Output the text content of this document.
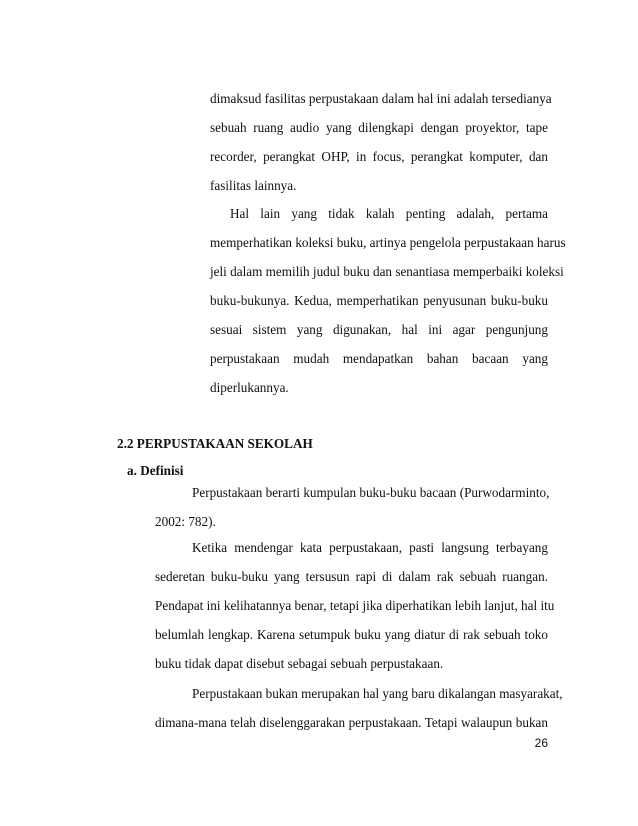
dimaksud fasilitas perpustakaan dalam hal ini adalah tersedianya
sebuah ruang audio yang dilengkapi dengan proyektor, tape
recorder, perangkat OHP, in focus, perangkat komputer, dan
fasilitas lainnya.
Hal lain yang tidak kalah penting adalah, pertama
memperhatikan koleksi buku, artinya pengelola perpustakaan harus
jeli dalam memilih judul buku dan senantiasa memperbaiki koleksi
buku-bukunya. Kedua, memperhatikan penyusunan buku-buku
sesuai sistem yang digunakan, hal ini agar pengunjung
perpustakaan mudah mendapatkan bahan bacaan yang
diperlukannya.
2.2 PERPUSTAKAAN SEKOLAH
a. Definisi
Perpustakaan berarti kumpulan buku-buku bacaan (Purwodarminto,
2002: 782).
Ketika mendengar kata perpustakaan, pasti langsung terbayang
sederetan buku-buku yang tersusun rapi di dalam rak sebuah ruangan.
Pendapat ini kelihatannya benar, tetapi jika diperhatikan lebih lanjut, hal itu
belumlah lengkap. Karena setumpuk buku yang diatur di rak sebuah toko
buku tidak dapat disebut sebagai sebuah perpustakaan.
Perpustakaan bukan merupakan hal yang baru dikalangan masyarakat,
dimana-mana telah diselenggarakan perpustakaan. Tetapi walaupun bukan
26
